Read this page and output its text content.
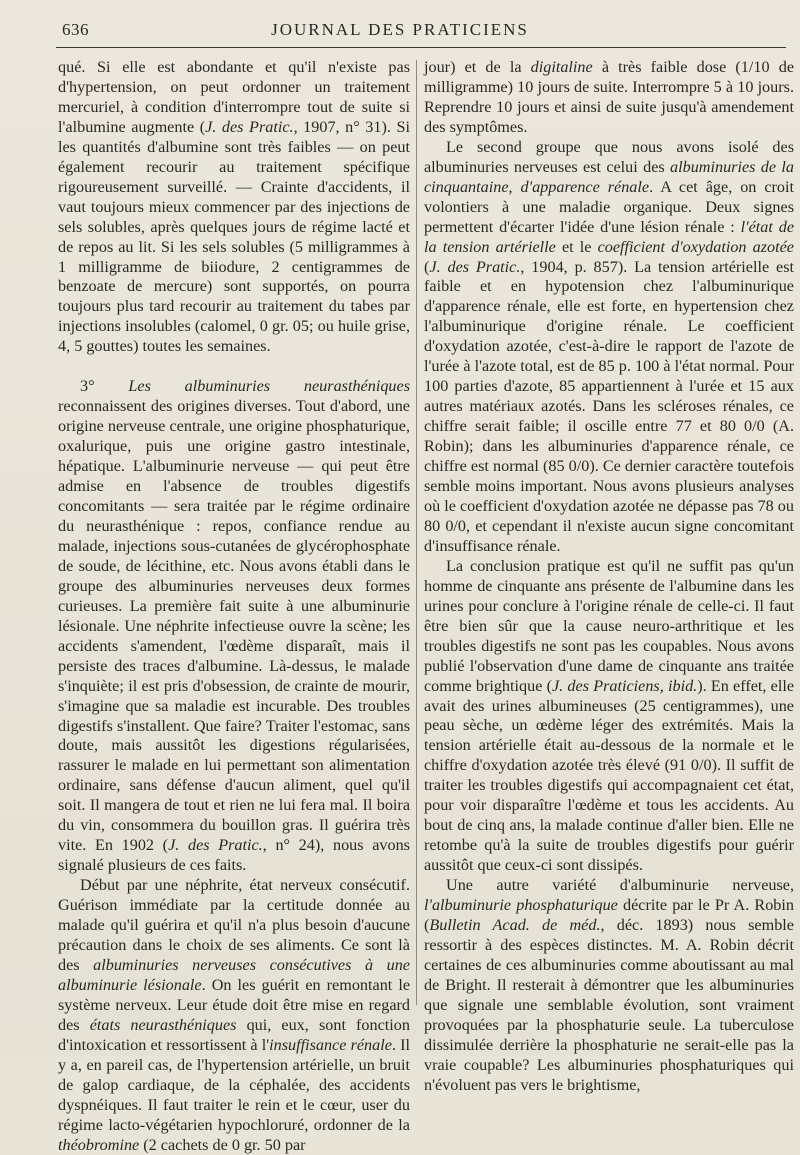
636	JOURNAL DES PRATICIENS

qué. Si elle est abondante et qu'il n'existe pas d'hypertension, on peut ordonner un traitement mercuriel, à condition d'interrompre tout de suite si l'albumine augmente (J. des Pratic., 1907, n° 31). Si les quantités d'albumine sont très faibles — on peut également recourir au traitement spécifique rigoureusement surveillé. — Crainte d'accidents, il vaut toujours mieux commencer par des injections de sels solubles, après quelques jours de régime lacté et de repos au lit. Si les sels solubles (5 milligrammes à 1 milligramme de biiodure, 2 centigrammes de benzoate de mercure) sont supportés, on pourra toujours plus tard recourir au traitement du tabes par injections insolubles (calomel, 0 gr. 05; ou huile grise, 4, 5 gouttes) toutes les semaines.

3° Les albuminuries neurasthéniques reconnaissent des origines diverses. Tout d'abord, une origine nerveuse centrale, une origine phosphaturique, oxalurique, puis une origine gastro intestinale, hépatique. L'albuminurie nerveuse — qui peut être admise en l'absence de troubles digestifs concomitants — sera traitée par le régime ordinaire du neurasthénique : repos, confiance rendue au malade, injections sous-cutanées de glycérophosphate de soude, de lécithine, etc. Nous avons établi dans le groupe des albuminuries nerveuses deux formes curieuses. La première fait suite à une albuminurie lésionale. Une néphrite infectieuse ouvre la scène; les accidents s'amendent, l'œdème disparaît, mais il persiste des traces d'albumine. Là-dessus, le malade s'inquiète; il est pris d'obsession, de crainte de mourir, s'imagine que sa maladie est incurable. Des troubles digestifs s'installent. Que faire? Traiter l'estomac, sans doute, mais aussitôt les digestions régularisées, rassurer le malade en lui permettant son alimentation ordinaire, sans défense d'aucun aliment, quel qu'il soit. Il mangera de tout et rien ne lui fera mal. Il boira du vin, consommera du bouillon gras. Il guérira très vite. En 1902 (J. des Pratic., n° 24), nous avons signalé plusieurs de ces faits.

Début par une néphrite, état nerveux consécutif. Guérison immédiate par la certitude donnée au malade qu'il guérira et qu'il n'a plus besoin d'aucune précaution dans le choix de ses aliments. Ce sont là des albuminuries nerveuses consécutives à une albuminurie lésionale. On les guérit en remontant le système nerveux. Leur étude doit être mise en regard des états neurasthéniques qui, eux, sont fonction d'intoxication et ressortissent à l'insuffisance rénale. Il y a, en pareil cas, de l'hypertension artérielle, un bruit de galop cardiaque, de la céphalée, des accidents dyspnéiques. Il faut traiter le rein et le cœur, user du régime lacto-végétarien hypochloruré, ordonner de la théobromine (2 cachets de 0 gr. 50 par

jour) et de la digitaline à très faible dose (1/10 de milligramme) 10 jours de suite. Interrompre 5 à 10 jours. Reprendre 10 jours et ainsi de suite jusqu'à amendement des symptômes.

Le second groupe que nous avons isolé des albuminuries nerveuses est celui des albuminuries de la cinquantaine, d'apparence rénale. A cet âge, on croit volontiers à une maladie organique. Deux signes permettent d'écarter l'idée d'une lésion rénale : l'état de la tension artérielle et le coefficient d'oxydation azotée (J. des Pratic., 1904, p. 857). La tension artérielle est faible et en hypotension chez l'albuminurique d'apparence rénale, elle est forte, en hypertension chez l'albuminurique d'origine rénale. Le coefficient d'oxydation azotée, c'est-à-dire le rapport de l'azote de l'urée à l'azote total, est de 85 p. 100 à l'état normal. Pour 100 parties d'azote, 85 appartiennent à l'urée et 15 aux autres matériaux azotés. Dans les scléroses rénales, ce chiffre serait faible; il oscille entre 77 et 80 0/0 (A. Robin); dans les albuminuries d'apparence rénale, ce chiffre est normal (85 0/0). Ce dernier caractère toutefois semble moins important. Nous avons plusieurs analyses où le coefficient d'oxydation azotée ne dépasse pas 78 ou 80 0/0, et cependant il n'existe aucun signe concomitant d'insuffisance rénale.

La conclusion pratique est qu'il ne suffit pas qu'un homme de cinquante ans présente de l'albumine dans les urines pour conclure à l'origine rénale de celle-ci. Il faut être bien sûr que la cause neuro-arthritique et les troubles digestifs ne sont pas les coupables. Nous avons publié l'observation d'une dame de cinquante ans traitée comme brightique (J. des Praticiens, ibid.). En effet, elle avait des urines albumineuses (25 centigrammes), une peau sèche, un œdème léger des extrémités. Mais la tension artérielle était au-dessous de la normale et le chiffre d'oxydation azotée très élevé (91 0/0). Il suffit de traiter les troubles digestifs qui accompagnaient cet état, pour voir disparaître l'œdème et tous les accidents. Au bout de cinq ans, la malade continue d'aller bien. Elle ne retombe qu'à la suite de troubles digestifs pour guérir aussitôt que ceux-ci sont dissipés.

Une autre variété d'albuminurie nerveuse, l'albuminurie phosphaturique décrite par le Pr A. Robin (Bulletin Acad. de méd., déc. 1893) nous semble ressortir à des espèces distinctes. M. A. Robin décrit certaines de ces albuminuries comme aboutissant au mal de Bright. Il resterait à démontrer que les albuminuries que signale une semblable évolution, sont vraiment provoquées par la phosphaturie seule. La tuberculose dissimulée derrière la phosphaturie ne serait-elle pas la vraie coupable? Les albuminuries phosphaturiques qui n'évoluent pas vers le brightisme,
